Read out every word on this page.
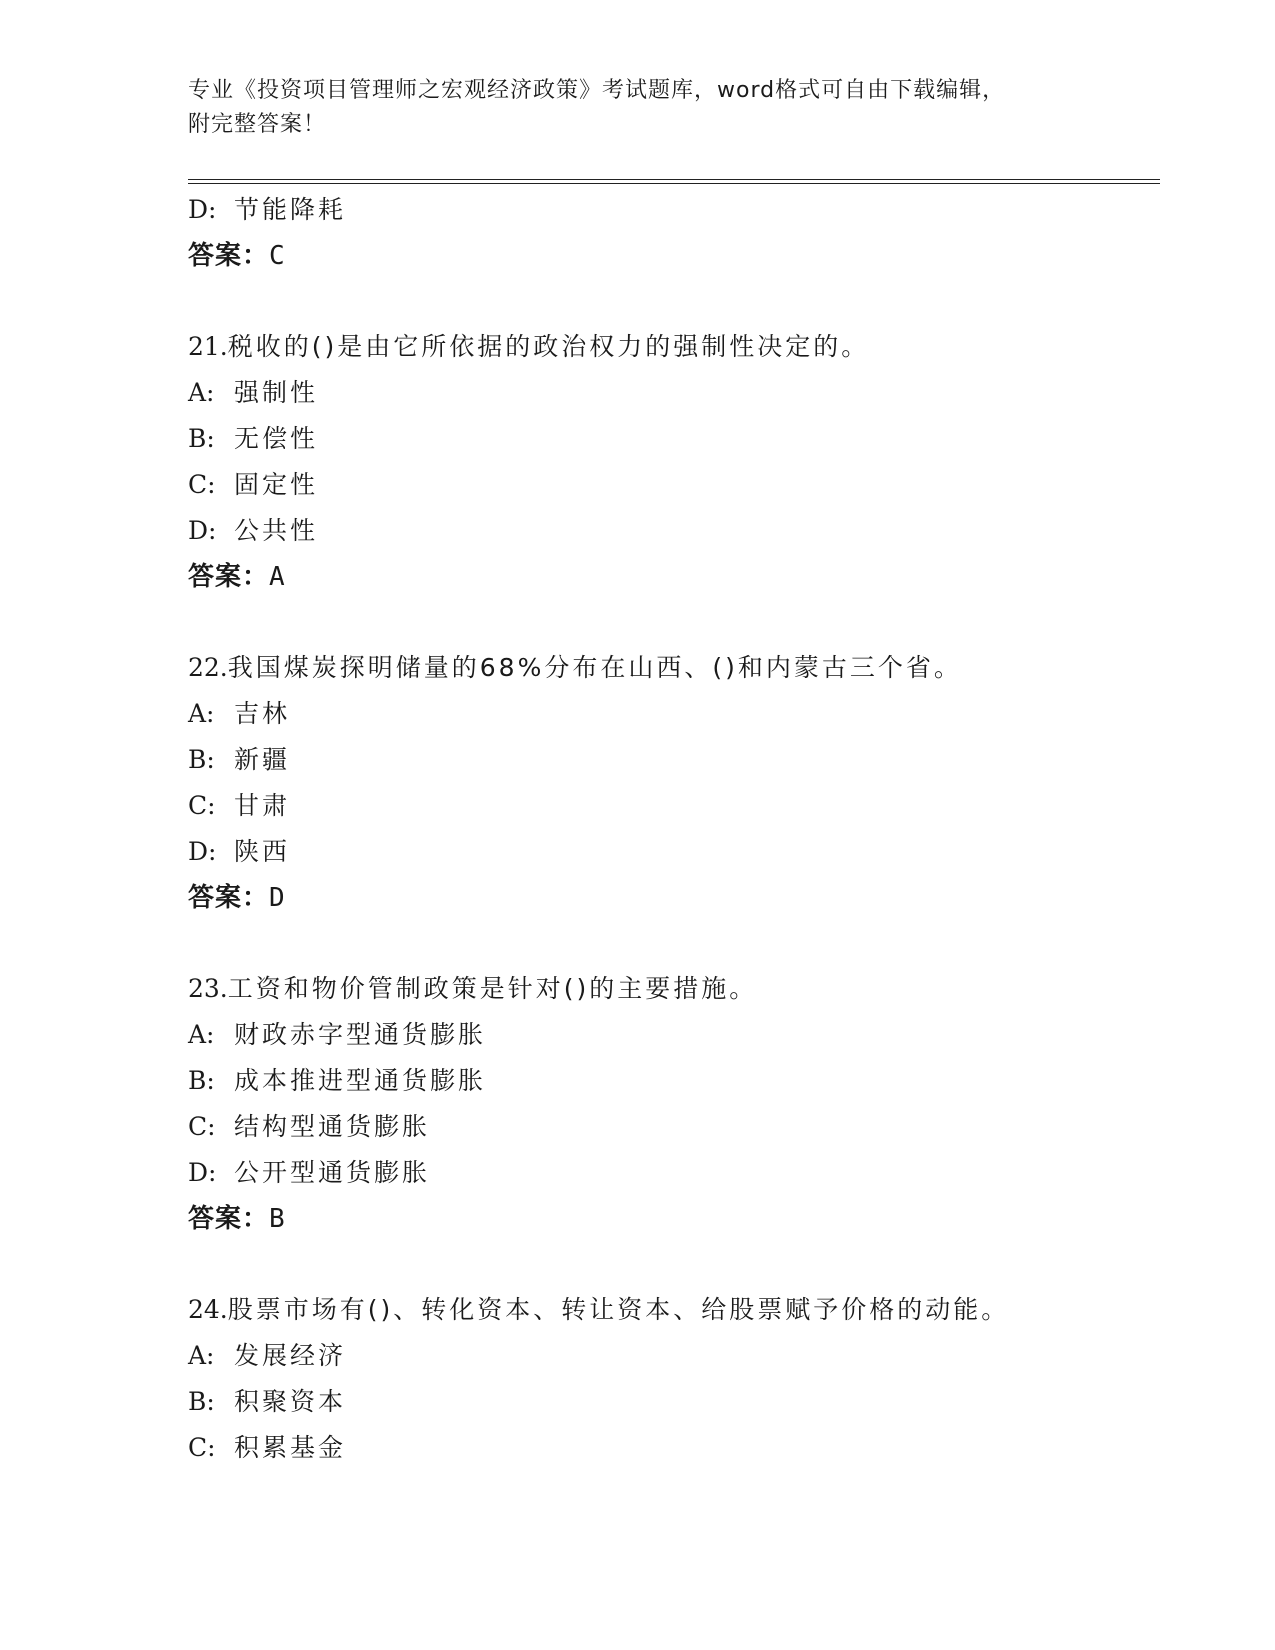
专业《投资项目管理师之宏观经济政策》考试题库，word格式可自由下载编辑，
附完整答案！
D: 节能降耗
答案：C
21.税收的()是由它所依据的政治权力的强制性决定的。
A: 强制性
B: 无偿性
C: 固定性
D: 公共性
答案：A
22.我国煤炭探明储量的68%分布在山西、()和内蒙古三个省。
A: 吉林
B: 新疆
C: 甘肃
D: 陕西
答案：D
23.工资和物价管制政策是针对()的主要措施。
A: 财政赤字型通货膨胀
B: 成本推进型通货膨胀
C: 结构型通货膨胀
D: 公开型通货膨胀
答案：B
24.股票市场有()、转化资本、转让资本、给股票赋予价格的动能。
A: 发展经济
B: 积聚资本
C: 积累基金
